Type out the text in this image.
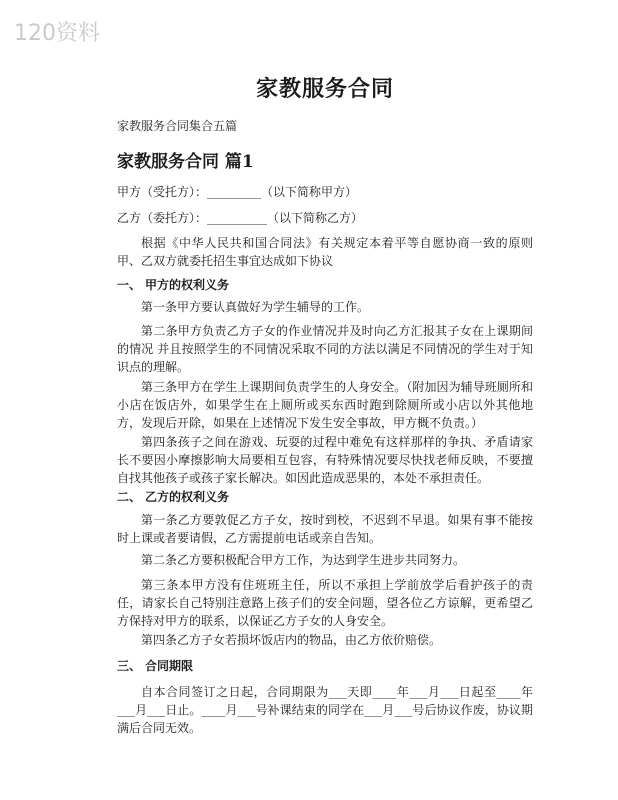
120资料
家教服务合同
家教服务合同集合五篇
家教服务合同 篇1
甲方（受托方）：_________（以下简称甲方）
乙方（委托方）：__________（以下简称乙方）
根据《中华人民共和国合同法》有关规定本着平等自愿协商一致的原则甲、乙双方就委托招生事宜达成如下协议
一、 甲方的权利义务
第一条甲方要认真做好为学生辅导的工作。
第二条甲方负责乙方子女的作业情况并及时向乙方汇报其子女在上课期间的情况 并且按照学生的不同情况采取不同的方法以满足不同情况的学生对于知识点的理解。
第三条甲方在学生上课期间负责学生的人身安全。（附加因为辅导班厕所和小店在饭店外，如果学生在上厕所或买东西时跑到除厕所或小店以外其他地方，发现后开除，如果在上述情况下发生安全事故，甲方概不负责。）
第四条孩子之间在游戏、玩耍的过程中难免有这样那样的争执、矛盾请家长不要因小摩擦影响大局要相互包容，有特殊情况要尽快找老师反映，不要擅自找其他孩子或孩子家长解决。如因此造成恶果的，本处不承担责任。
二、 乙方的权利义务
第一条乙方要敦促乙方子女，按时到校，不迟到不早退。如果有事不能按时上课或者要请假，乙方需提前电话或亲自告知。
第二条乙方要积极配合甲方工作，为达到学生进步共同努力。
第三条本甲方没有住班班主任，所以不承担上学前放学后看护孩子的责任，请家长自己特别注意路上孩子们的安全问题，望各位乙方谅解，更希望乙方保持对甲方的联系，以保证乙方子女的人身安全。
第四条乙方子女若损坏饭店内的物品，由乙方依价赔偿。
三、 合同期限
自本合同签订之日起，合同期限为___天即____年___月___日起至____年___月___日止。____月___号补课结束的同学在___月___号后协议作废，协议期满后合同无效。
